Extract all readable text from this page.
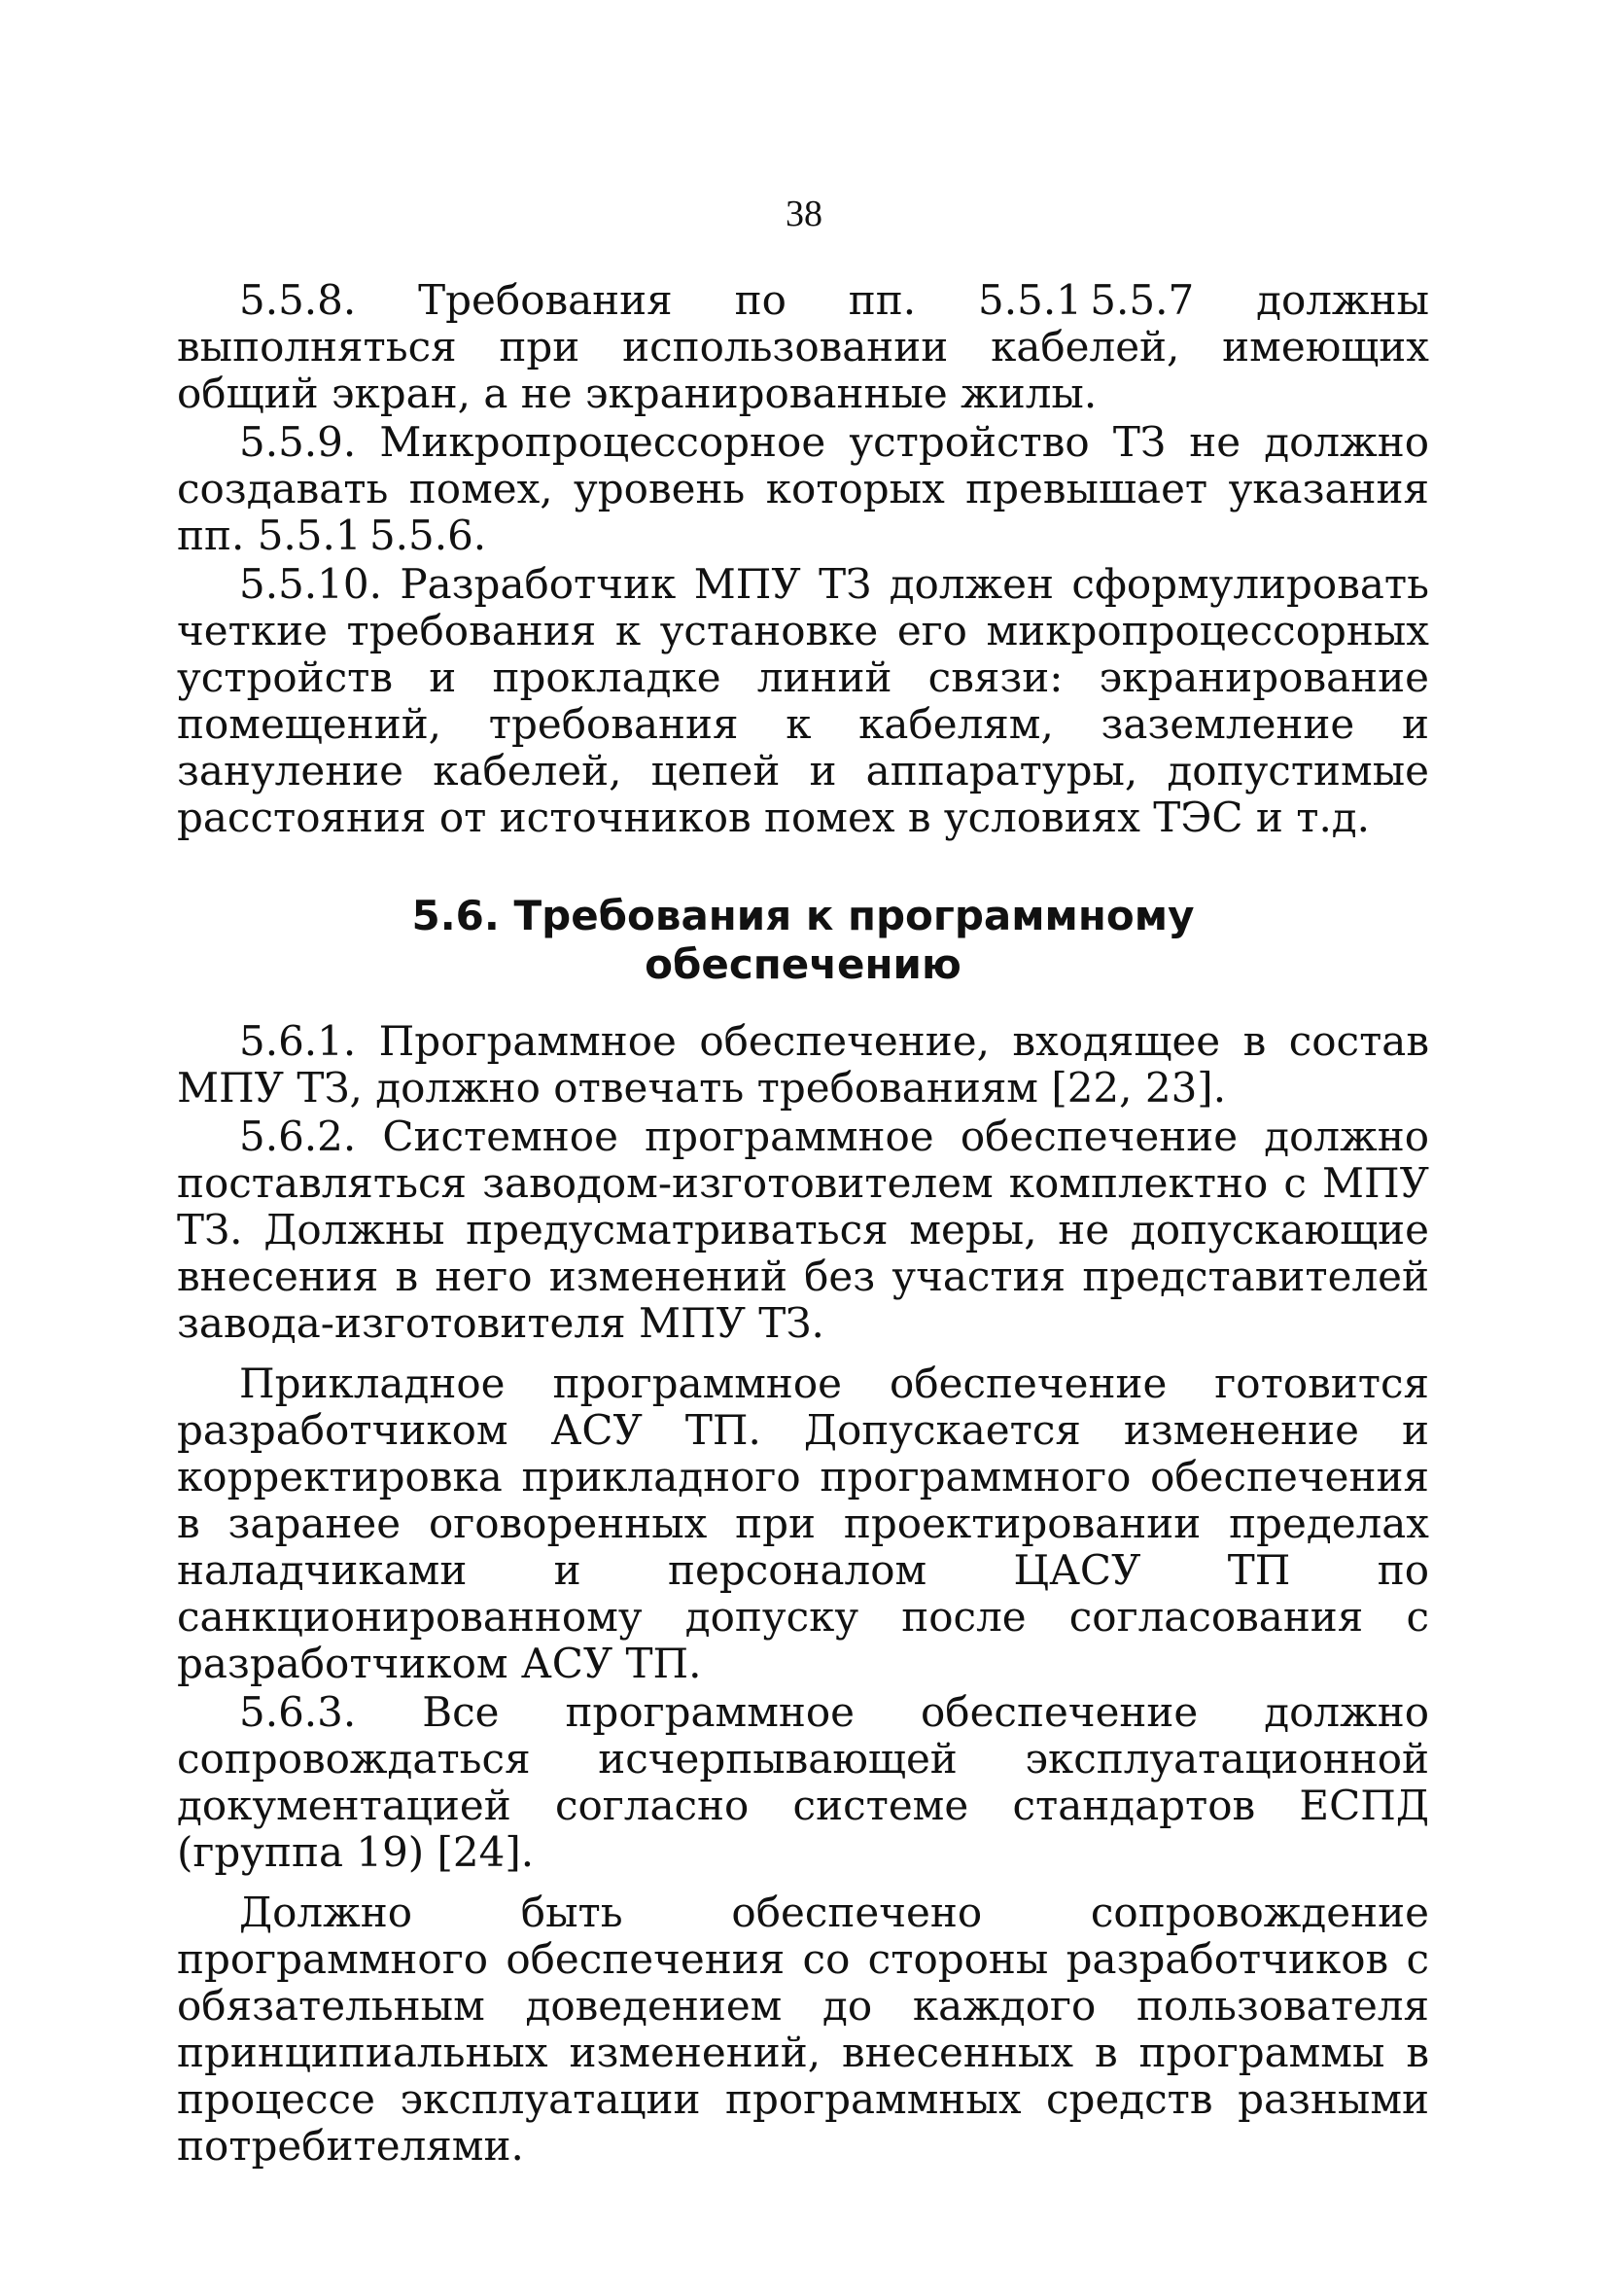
38

5.5.8. Требования по пп. 5.5.1 5.5.7 должны выполняться при использовании кабелей, имеющих общий экран, а не экранированные жилы.

5.5.9. Микропроцессорное устройство ТЗ не должно создавать помех, уровень которых превышает указания пп. 5.5.1 5.5.6.

5.5.10. Разработчик МПУ ТЗ должен сформулировать четкие требования к установке его микропроцессорных устройств и прокладке линий связи: экранирование помещений, требования к кабелям, заземление и зануление кабелей, цепей и аппаратуры, допустимые расстояния от источников помех в условиях ТЭС и т.д.

5.6. Требования к программному
обеспечению

5.6.1. Программное обеспечение, входящее в состав МПУ ТЗ, должно отвечать требованиям [22, 23].

5.6.2. Системное программное обеспечение должно поставляться заводом-изготовителем комплектно с МПУ ТЗ. Должны предусматриваться меры, не допускающие внесения в него изменений без участия представителей завода-изготовителя МПУ ТЗ.

Прикладное программное обеспечение готовится разработчиком АСУ ТП. Допускается изменение и корректировка прикладного программного обеспечения в заранее оговоренных при проектировании пределах наладчиками и персоналом ЦАСУ ТП по санкционированному допуску после согласования с разработчиком АСУ ТП.

5.6.3. Все программное обеспечение должно сопровождаться исчерпывающей эксплуатационной документацией согласно системе стандартов ЕСПД (группа 19) [24].

Должно быть обеспечено сопровождение программного обеспечения со стороны разработчиков с обязательным доведением до каждого пользователя принципиальных изменений, внесенных в программы в процессе эксплуатации программных средств разными потребителями.
